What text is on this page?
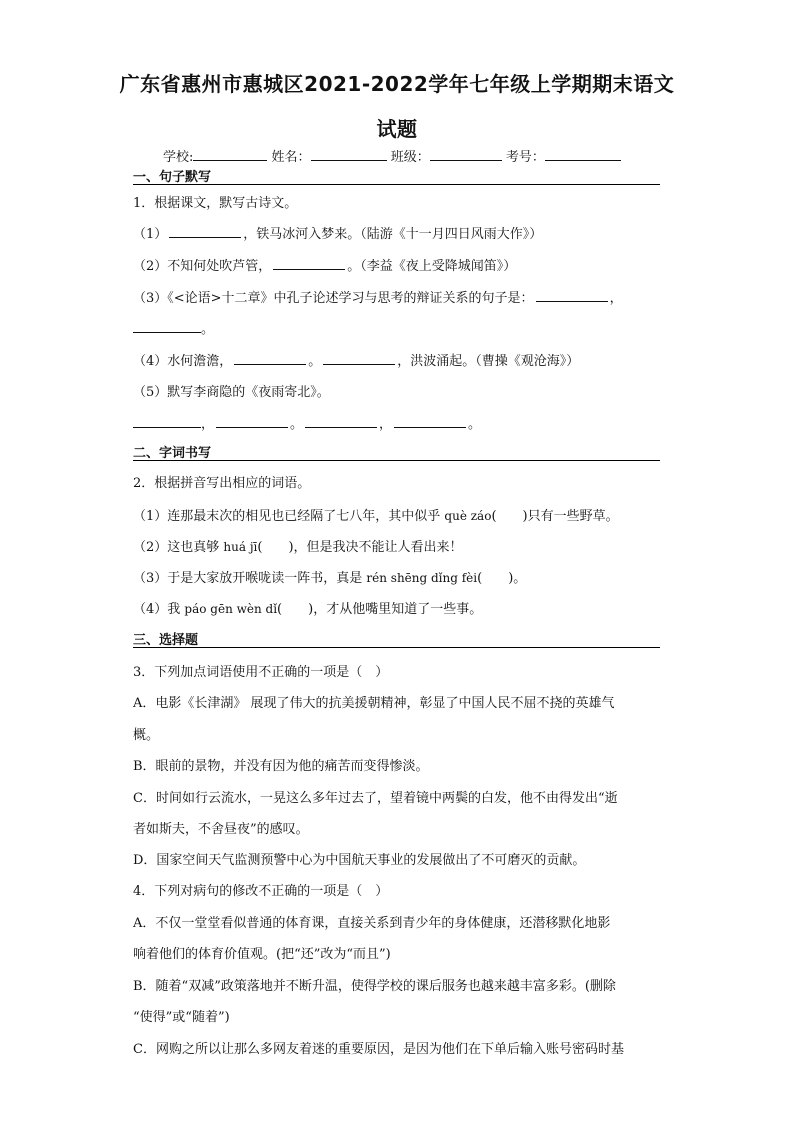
广东省惠州市惠城区2021-2022学年七年级上学期期末语文
试题
学校:	姓名：	班级：	考号：
一、句子默写
1．根据课文，默写古诗文。
（1）	，铁马冰河入梦来。（陆游《十一月四日风雨大作》）
（2）不知何处吹芦管，	。（李益《夜上受降城闻笛》）
（3）《<论语>十二章》中孔子论述学习与思考的辩证关系的句子是：	，
。
（4）水何澹澹，	。	，洪波涌起。（曹操《观沧海》）
（5）默写李商隐的《夜雨寄北》。
，	。	，	。
二、字词书写
2．根据拼音写出相应的词语。
（1）连那最末次的相见也已经隔了七八年，其中似乎 què záo(　　)只有一些野草。
（2）这也真够 huá jī(　　)，但是我决不能让人看出来！
（3）于是大家放开喉咙读一阵书，真是 rén shēng dǐng fèi(　　)。
（4）我 páo gēn wèn dǐ(　　)，才从他嘴里知道了一些事。
三、选择题
3．下列加点词语使用不正确的一项是（　）
A．电影《长津湖》 展现了伟大的抗美援朝精神，彰显了中国人民不屈不挠的英雄气
概。
B．眼前的景物，并没有因为他的痛苦而变得惨淡。
C．时间如行云流水，一晃这么多年过去了，望着镜中两鬓的白发，他不由得发出“逝
者如斯夫，不舍昼夜”的感叹。
D．国家空间天气监测预警中心为中国航天事业的发展做出了不可磨灭的贡献。
4．下列对病句的修改不正确的一项是（　）
A．不仅一堂堂看似普通的体育课，直接关系到青少年的身体健康，还潜移默化地影
响着他们的体育价值观。(把“还”改为“而且”)
B．随着“双减”政策落地并不断升温，使得学校的课后服务也越来越丰富多彩。(删除
“使得”或“随着”)
C．网购之所以让那么多网友着迷的重要原因，是因为他们在下单后输入账号密码时基
